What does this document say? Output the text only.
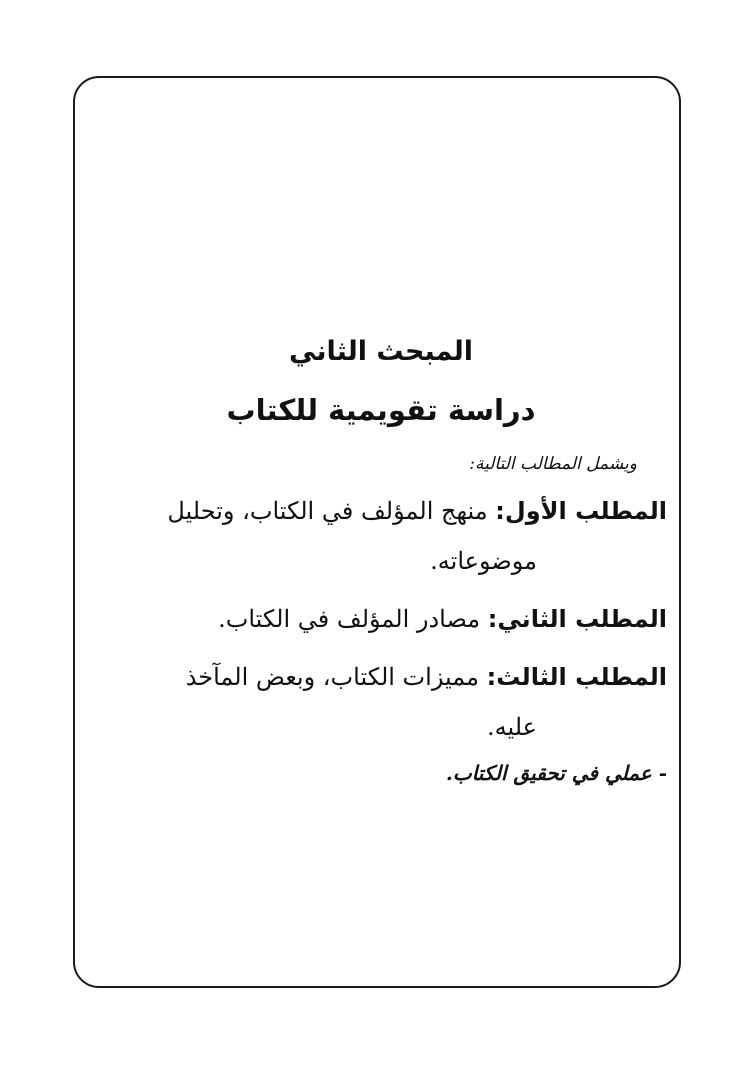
المبحث الثاني
دراسة تقويمية للكتاب

ويشمل المطالب التالية:

المطلب الأول: منهج المؤلف في الكتاب، وتحليل
موضوعاته.
المطلب الثاني: مصادر المؤلف في الكتاب.
المطلب الثالث: مميزات الكتاب، وبعض المآخذ
عليه.

- عملي في تحقيق الكتاب.
